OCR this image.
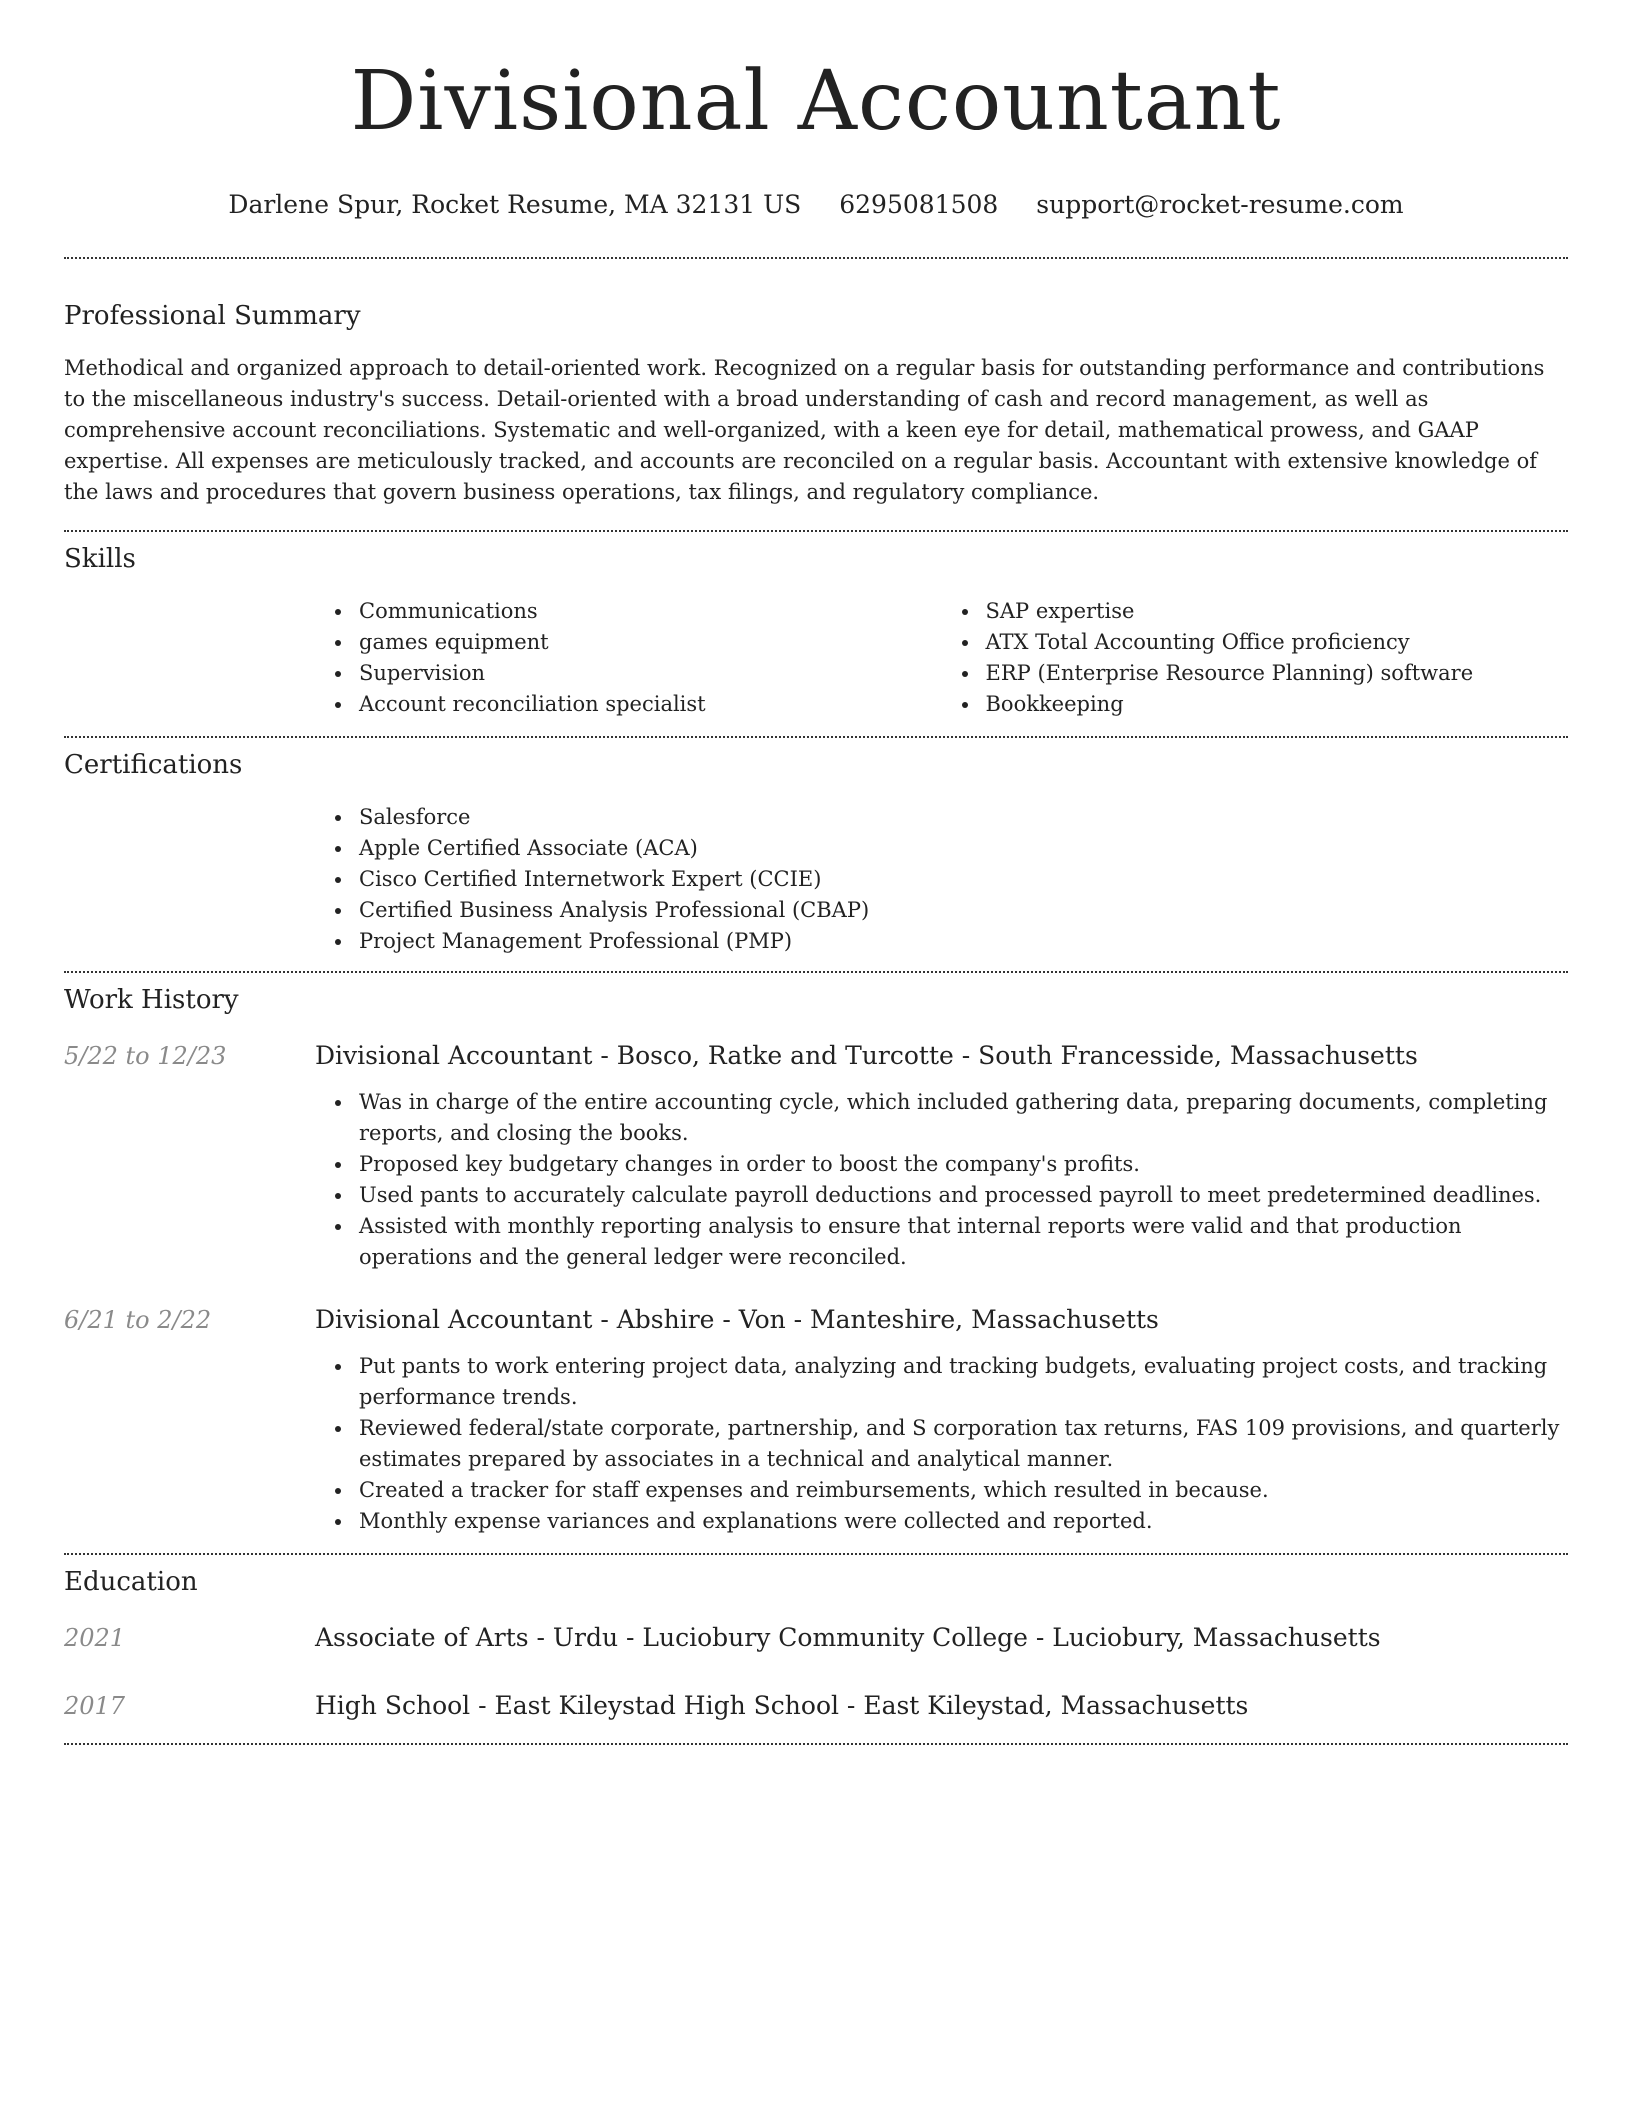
Divisional Accountant
Darlene Spur, Rocket Resume, MA 32131 US 6295081508 support@rocket-resume.com
Professional Summary

Methodical and organized approach to detail-oriented work. Recognized on a regular basis for outstanding performance and contributions to the miscellaneous industry's success. Detail-oriented with a broad understanding of cash and record management, as well as comprehensive account reconciliations. Systematic and well-organized, with a keen eye for detail, mathematical prowess, and GAAP expertise. All expenses are meticulously tracked, and accounts are reconciled on a regular basis. Accountant with extensive knowledge of the laws and procedures that govern business operations, tax filings, and regulatory compliance.

Skills
Communications
games equipment
Supervision
Account reconciliation specialist
SAP expertise
ATX Total Accounting Office proficiency
ERP (Enterprise Resource Planning) software
Bookkeeping
Certifications
Salesforce
Apple Certified Associate (ACA)
Cisco Certified Internetwork Expert (CCIE)
Certified Business Analysis Professional (CBAP)
Project Management Professional (PMP)
Work History
5/22 to 12/23	Divisional Accountant - Bosco, Ratke and Turcotte - South Francesside, Massachusetts
Was in charge of the entire accounting cycle, which included gathering data, preparing documents, completing reports, and closing the books.
Proposed key budgetary changes in order to boost the company's profits.
Used pants to accurately calculate payroll deductions and processed payroll to meet predetermined deadlines.
Assisted with monthly reporting analysis to ensure that internal reports were valid and that production operations and the general ledger were reconciled.
6/21 to 2/22	Divisional Accountant - Abshire - Von - Manteshire, Massachusetts
Put pants to work entering project data, analyzing and tracking budgets, evaluating project costs, and tracking performance trends.
Reviewed federal/state corporate, partnership, and S corporation tax returns, FAS 109 provisions, and quarterly estimates prepared by associates in a technical and analytical manner.
Created a tracker for staff expenses and reimbursements, which resulted in because.
Monthly expense variances and explanations were collected and reported.
Education
2021	Associate of Arts - Urdu - Luciobury Community College - Luciobury, Massachusetts
2017	High School - East Kileystad High School - East Kileystad, Massachusetts
